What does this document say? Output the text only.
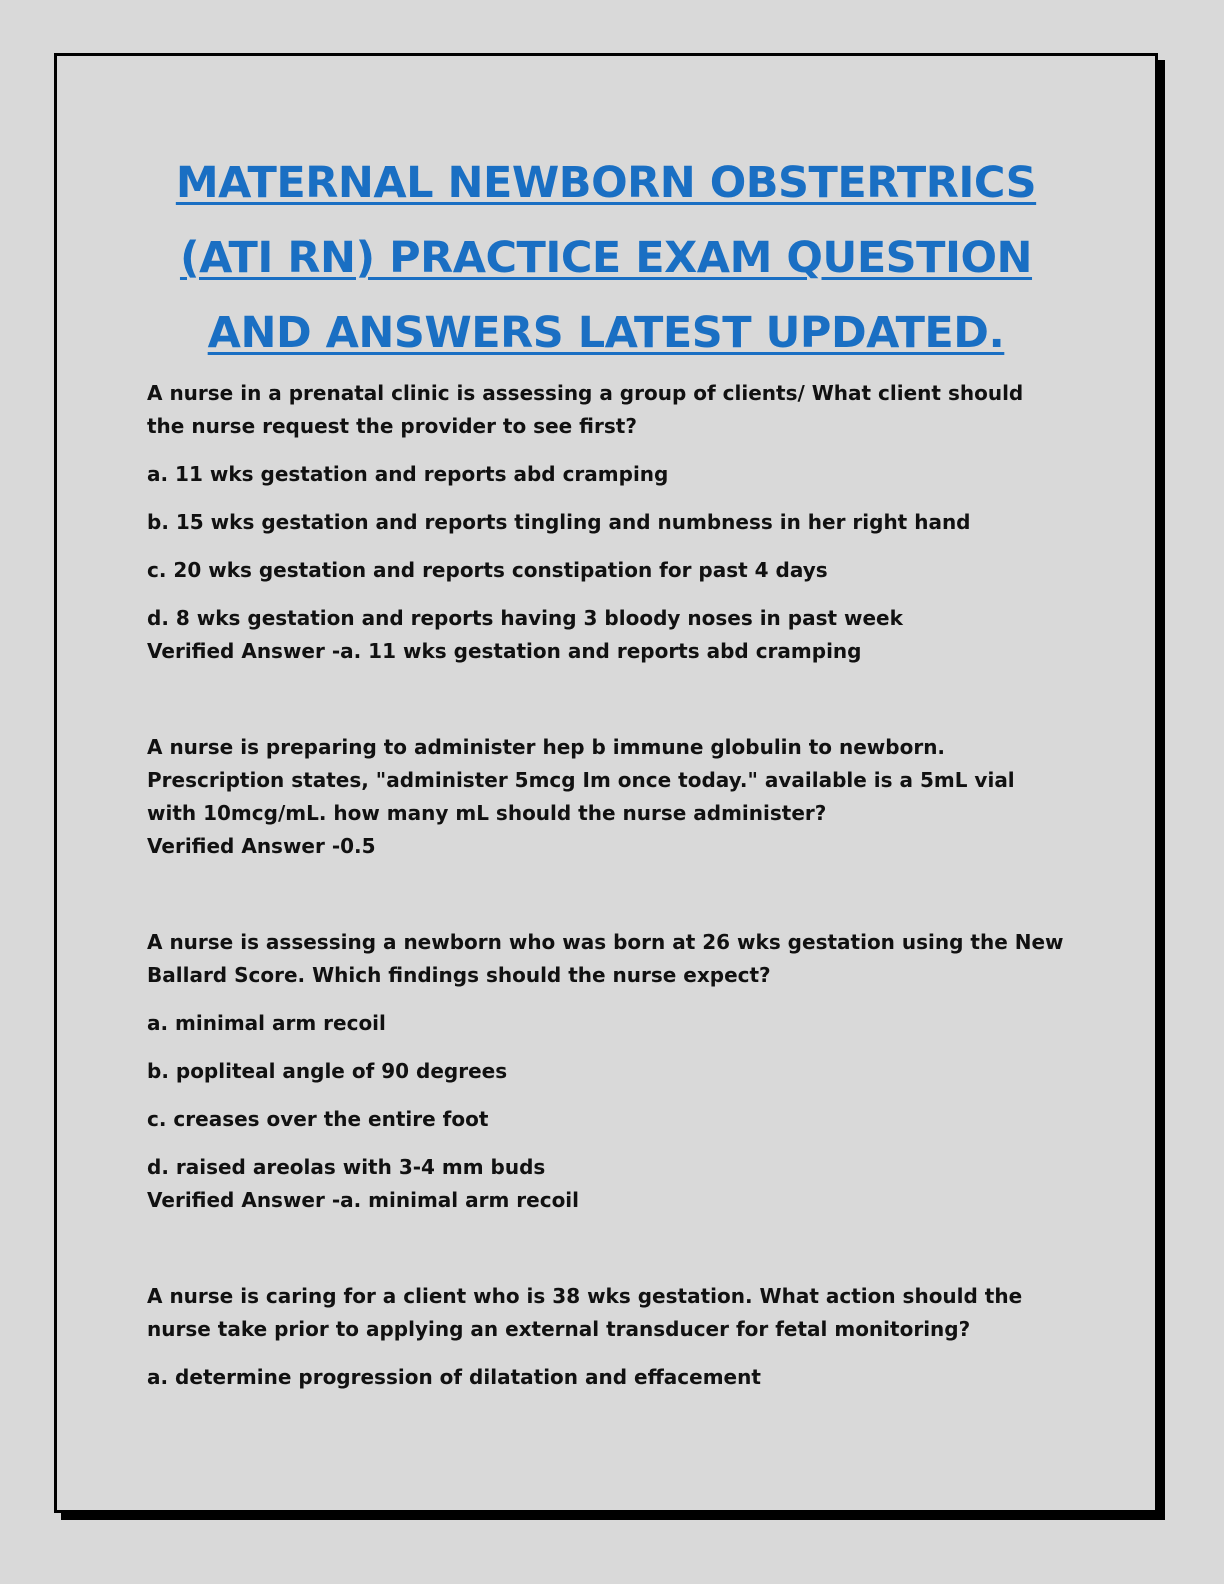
MATERNAL NEWBORN OBSTERTRICS
(ATI RN) PRACTICE EXAM QUESTION
AND ANSWERS LATEST UPDATED.

A nurse in a prenatal clinic is assessing a group of clients/ What client should the nurse request the provider to see first?

a. 11 wks gestation and reports abd cramping

b. 15 wks gestation and reports tingling and numbness in her right hand

c. 20 wks gestation and reports constipation for past 4 days

d. 8 wks gestation and reports having 3 bloody noses in past week

Verified Answer -a. 11 wks gestation and reports abd cramping

A nurse is preparing to administer hep b immune globulin to newborn. Prescription states, "administer 5mcg Im once today." available is a 5mL vial with 10mcg/mL. how many mL should the nurse administer?

Verified Answer -0.5

A nurse is assessing a newborn who was born at 26 wks gestation using the New Ballard Score. Which findings should the nurse expect?

a. minimal arm recoil

b. popliteal angle of 90 degrees

c. creases over the entire foot

d. raised areolas with 3-4 mm buds

Verified Answer -a. minimal arm recoil

A nurse is caring for a client who is 38 wks gestation. What action should the nurse take prior to applying an external transducer for fetal monitoring?

a. determine progression of dilatation and effacement
